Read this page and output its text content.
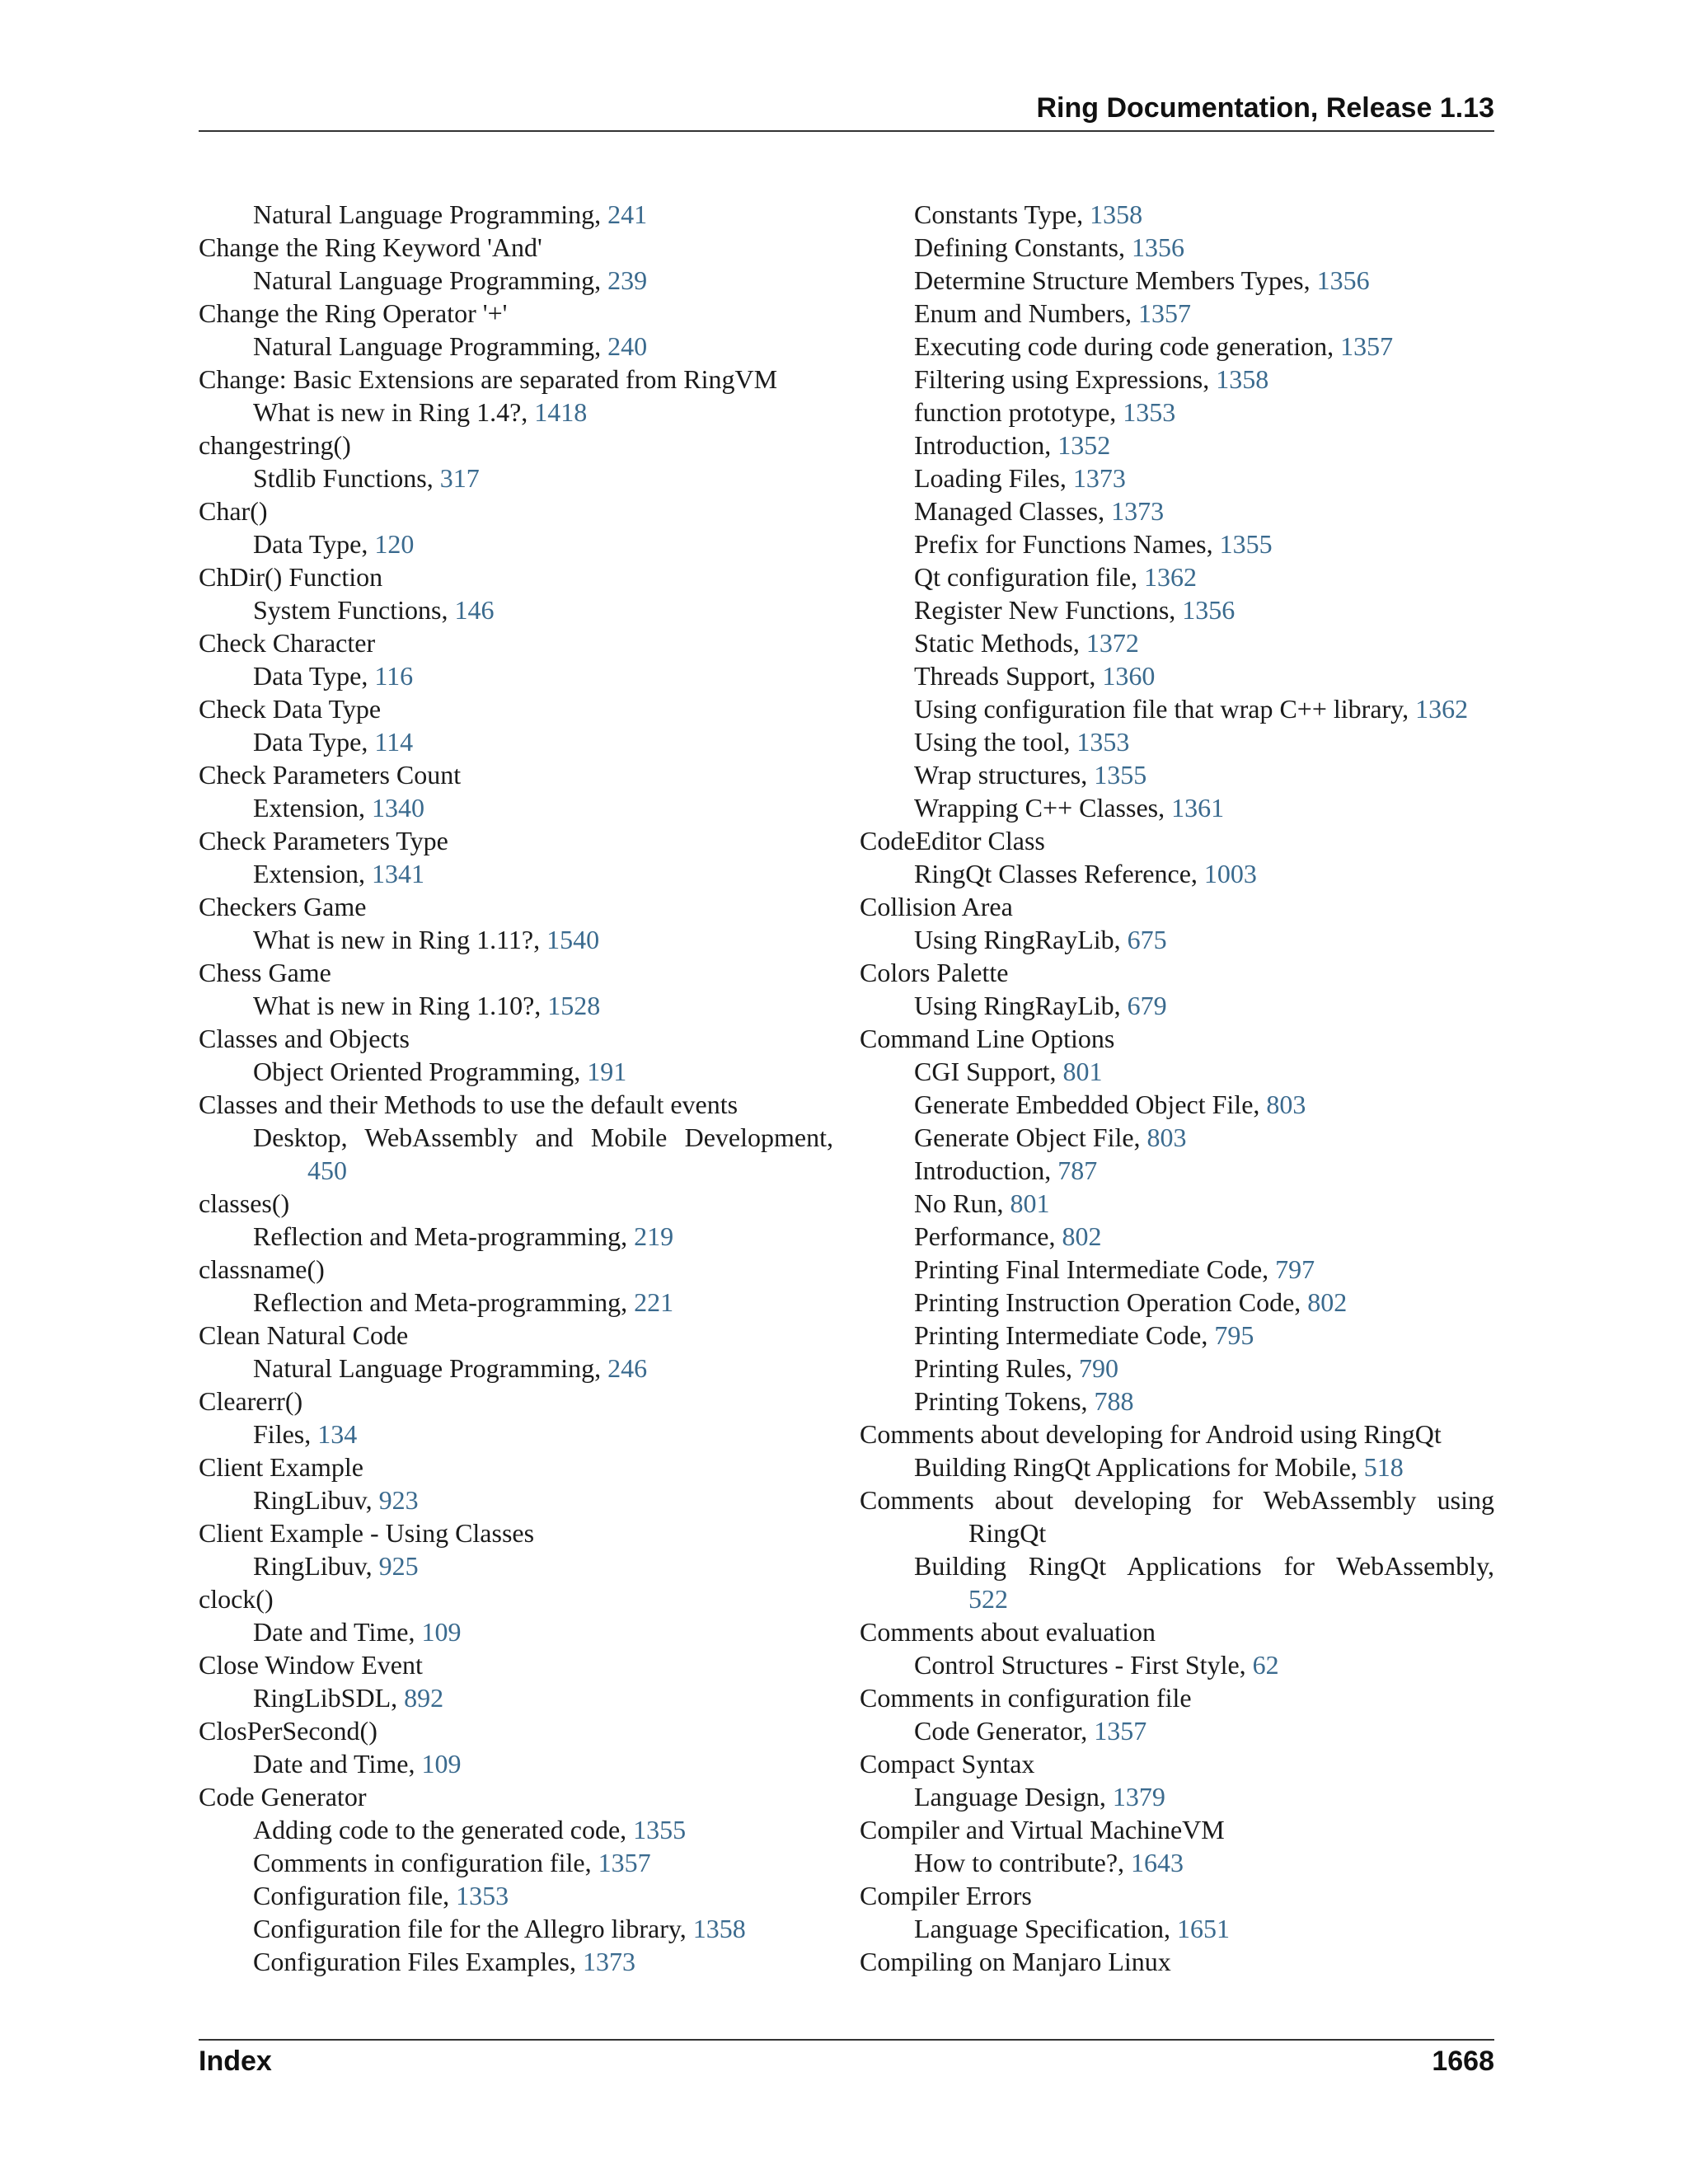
Ring Documentation, Release 1.13
Natural Language Programming, 241
Change the Ring Keyword 'And'
Natural Language Programming, 239
Change the Ring Operator '+'
Natural Language Programming, 240
Change: Basic Extensions are separated from RingVM
What is new in Ring 1.4?, 1418
changestring()
Stdlib Functions, 317
Char()
Data Type, 120
ChDir() Function
System Functions, 146
Check Character
Data Type, 116
Check Data Type
Data Type, 114
Check Parameters Count
Extension, 1340
Check Parameters Type
Extension, 1341
Checkers Game
What is new in Ring 1.11?, 1540
Chess Game
What is new in Ring 1.10?, 1528
Classes and Objects
Object Oriented Programming, 191
Classes and their Methods to use the default events
Desktop, WebAssembly and Mobile Development,
450
classes()
Reflection and Meta-programming, 219
classname()
Reflection and Meta-programming, 221
Clean Natural Code
Natural Language Programming, 246
Clearerr()
Files, 134
Client Example
RingLibuv, 923
Client Example - Using Classes
RingLibuv, 925
clock()
Date and Time, 109
Close Window Event
RingLibSDL, 892
ClosPerSecond()
Date and Time, 109
Code Generator
Adding code to the generated code, 1355
Comments in configuration file, 1357
Configuration file, 1353
Configuration file for the Allegro library, 1358
Configuration Files Examples, 1373
Constants Type, 1358
Defining Constants, 1356
Determine Structure Members Types, 1356
Enum and Numbers, 1357
Executing code during code generation, 1357
Filtering using Expressions, 1358
function prototype, 1353
Introduction, 1352
Loading Files, 1373
Managed Classes, 1373
Prefix for Functions Names, 1355
Qt configuration file, 1362
Register New Functions, 1356
Static Methods, 1372
Threads Support, 1360
Using configuration file that wrap C++ library, 1362
Using the tool, 1353
Wrap structures, 1355
Wrapping C++ Classes, 1361
CodeEditor Class
RingQt Classes Reference, 1003
Collision Area
Using RingRayLib, 675
Colors Palette
Using RingRayLib, 679
Command Line Options
CGI Support, 801
Generate Embedded Object File, 803
Generate Object File, 803
Introduction, 787
No Run, 801
Performance, 802
Printing Final Intermediate Code, 797
Printing Instruction Operation Code, 802
Printing Intermediate Code, 795
Printing Rules, 790
Printing Tokens, 788
Comments about developing for Android using RingQt
Building RingQt Applications for Mobile, 518
Comments about developing for WebAssembly using
RingQt
Building RingQt Applications for WebAssembly,
522
Comments about evaluation
Control Structures - First Style, 62
Comments in configuration file
Code Generator, 1357
Compact Syntax
Language Design, 1379
Compiler and Virtual MachineVM
How to contribute?, 1643
Compiler Errors
Language Specification, 1651
Compiling on Manjaro Linux
Index	1668
